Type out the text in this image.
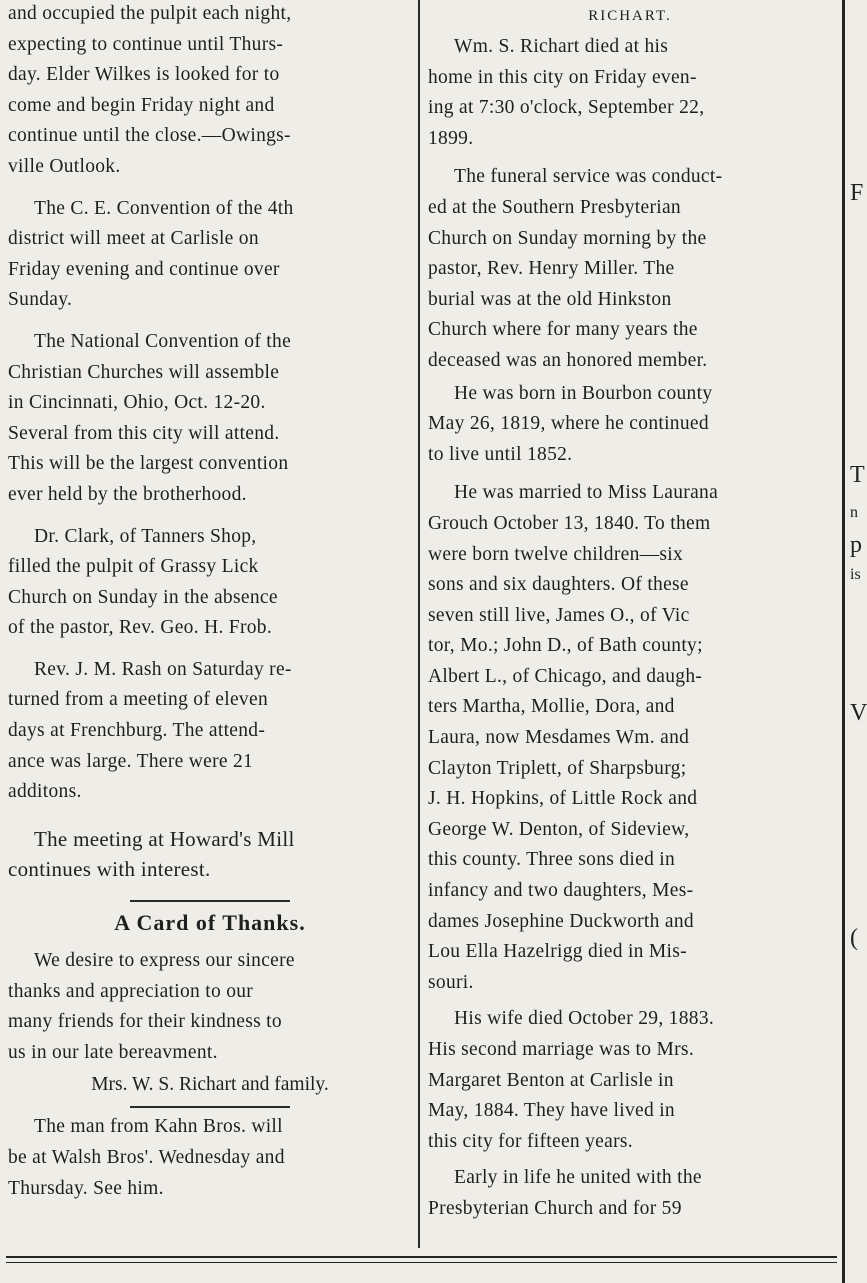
and occupied the pulpit each night,
expecting to continue until Thurs-
day. Elder Wilkes is looked for to
come and begin Friday night and
continue until the close.—Owings-
ville Outlook.

The C. E. Convention of the 4th
district will meet at Carlisle on
Friday evening and continue over
Sunday.

The National Convention of the
Christian Churches will assemble
in Cincinnati, Ohio, Oct. 12-20.
Several from this city will attend.
This will be the largest convention
ever held by the brotherhood.

Dr. Clark, of Tanners Shop,
filled the pulpit of Grassy Lick
Church on Sunday in the absence
of the pastor, Rev. Geo. H. Frob.

Rev. J. M. Rash on Saturday re-
turned from a meeting of eleven
days at Frenchburg. The attend-
ance was large. There were 21
additons.

The meeting at Howard's Mill
continues with interest.

A Card of Thanks.

We desire to express our sincere
thanks and appreciation to our
many friends for their kindness to
us in our late bereavment.

Mrs. W. S. Richart and family.

The man from Kahn Bros. will
be at Walsh Bros'. Wednesday and
Thursday. See him.

RICHART.

Wm. S. Richart died at his
home in this city on Friday even-
ing at 7:30 o'clock, September 22,
1899.

The funeral service was conduct-
ed at the Southern Presbyterian
Church on Sunday morning by the
pastor, Rev. Henry Miller. The
burial was at the old Hinkston
Church where for many years the
deceased was an honored member.

He was born in Bourbon county
May 26, 1819, where he continued
to live until 1852.

He was married to Miss Laurana
Grouch October 13, 1840. To them
were born twelve children—six
sons and six daughters. Of these
seven still live, James O., of Vic
tor, Mo.; John D., of Bath county;
Albert L., of Chicago, and daugh-
ters Martha, Mollie, Dora, and
Laura, now Mesdames Wm. and
Clayton Triplett, of Sharpsburg;
J. H. Hopkins, of Little Rock and
George W. Denton, of Sideview,
this county. Three sons died in
infancy and two daughters, Mes-
dames Josephine Duckworth and
Lou Ella Hazelrigg died in Mis-
souri.

His wife died October 29, 1883.
His second marriage was to Mrs.
Margaret Benton at Carlisle in
May, 1884. They have lived in
this city for fifteen years.

Early in life he united with the
Presbyterian Church and for 59

F
T
n
p
is
V
(
